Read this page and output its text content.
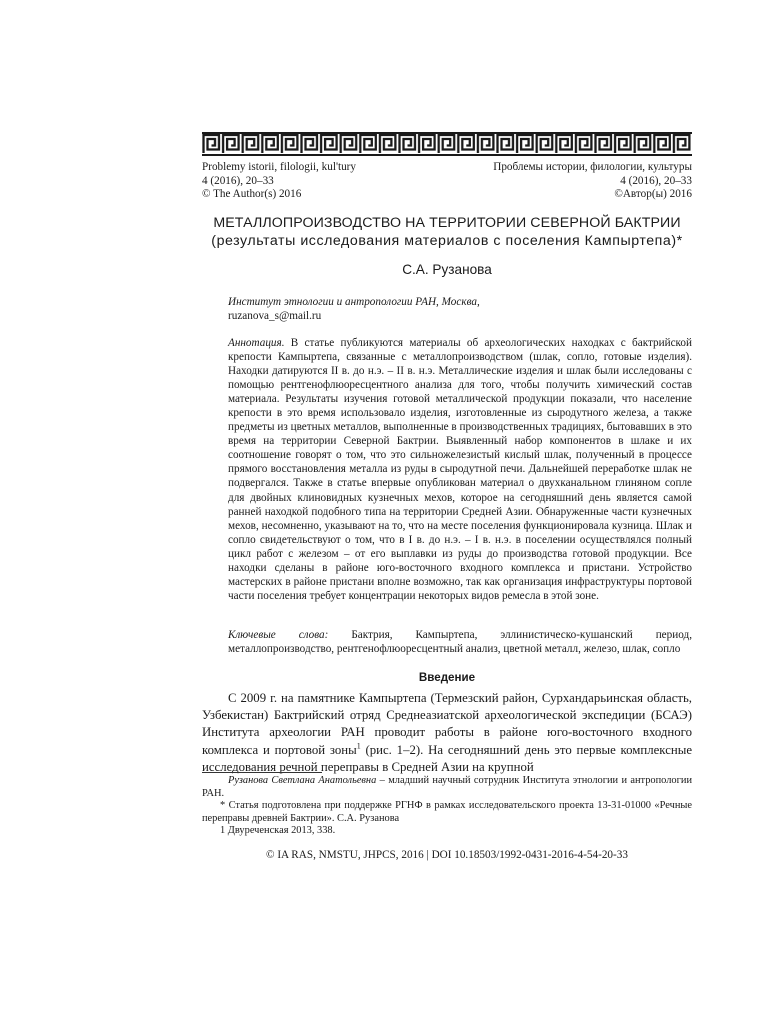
Problemy istorii, filologii, kul'tury
4 (2016), 20–33
© The Author(s) 2016
Проблемы истории, филологии, культуры
4 (2016), 20–33
©Автор(ы) 2016
МЕТАЛЛОПРОИЗВОДСТВО НА ТЕРРИТОРИИ СЕВЕРНОЙ БАКТРИИ
(результаты исследования материалов с поселения Кампыртепа)*
С.А. Рузанова
Институт этнологии и антропологии РАН, Москва,
ruzanova_s@mail.ru
Аннотация. В статье публикуются материалы об археологических находках с бактрийской крепости Кампыртепа, связанные с металлопроизводством (шлак, сопло, готовые изделия). Находки датируются II в. до н.э. – II в. н.э. Металлические изделия и шлак были исследованы с помощью рентгенофлюоресцентного анализа для того, чтобы получить химический состав материала. Результаты изучения готовой металлической продукции показали, что население крепости в это время использовало изделия, изготовленные из сыродутного железа, а также предметы из цветных металлов, выполненные в производственных традициях, бытовавших в это время на территории Северной Бактрии. Выявленный набор компонентов в шлаке и их соотношение говорят о том, что это сильножелезистый кислый шлак, полученный в процессе прямого восстановления металла из руды в сыродутной печи. Дальнейшей переработке шлак не подвергался. Также в статье впервые опубликован материал о двухканальном глиняном сопле для двойных клиновидных кузнечных мехов, которое на сегодняшний день является самой ранней находкой подобного типа на территории Средней Азии. Обнаруженные части кузнечных мехов, несомненно, указывают на то, что на месте поселения функционировала кузница. Шлак и сопло свидетельствуют о том, что в I в. до н.э. – I в. н.э. в поселении осуществлялся полный цикл работ с железом – от его выплавки из руды до производства готовой продукции. Все находки сделаны в районе юго-восточного входного комплекса и пристани. Устройство мастерских в районе пристани вполне возможно, так как организация инфраструктуры портовой части поселения требует концентрации некоторых видов ремесла в этой зоне.
Ключевые слова: Бактрия, Кампыртепа, эллинистическо-кушанский период, металлопроизводство, рентгенофлюоресцентный анализ, цветной металл, железо, шлак, сопло
Введение
С 2009 г. на памятнике Кампыртепа (Термезский район, Сурхандарьинская область, Узбекистан) Бактрийский отряд Среднеазиатской археологической экспедиции (БСАЭ) Института археологии РАН проводит работы в районе юго-восточного входного комплекса и портовой зоны$^1$ (рис. 1–2). На сегодняшний день это первые комплексные исследования речной переправы в Средней Азии на крупной
Рузанова Светлана Анатольевна – младший научный сотрудник Института этнологии и антропологии РАН.
* Статья подготовлена при поддержке РГНФ в рамках исследовательского проекта 13-31-01000 «Речные переправы древней Бактрии». С.А. Рузанова
1 Двуреченская 2013, 338.
© IA RAS, NMSTU, JHPCS, 2016 | DOI 10.18503/1992-0431-2016-4-54-20-33
